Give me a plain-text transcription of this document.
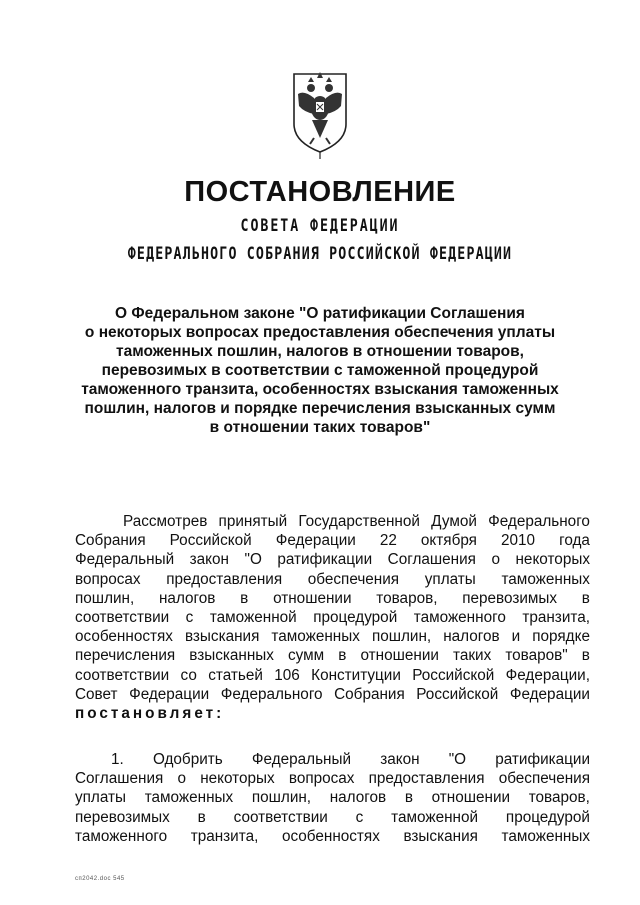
ПОСТАНОВЛЕНИЕ
СОВЕТА ФЕДЕРАЦИИ
ФЕДЕРАЛЬНОГО СОБРАНИЯ РОССИЙСКОЙ ФЕДЕРАЦИИ
О Федеральном законе "О ратификации Соглашения
о некоторых вопросах предоставления обеспечения уплаты
таможенных пошлин, налогов в отношении товаров,
перевозимых в соответствии с таможенной процедурой
таможенного транзита, особенностях взыскания таможенных
пошлин, налогов и порядке перечисления взысканных сумм
в отношении таких товаров"
Рассмотрев принятый Государственной Думой Федерального
Собрания Российской Федерации 22 октября 2010 года
Федеральный закон "О ратификации Соглашения о некоторых
вопросах предоставления обеспечения уплаты таможенных
пошлин, налогов в отношении товаров, перевозимых в
соответствии с таможенной процедурой таможенного транзита,
особенностях взыскания таможенных пошлин, налогов и порядке
перечисления взысканных сумм в отношении таких товаров" в
соответствии со статьей 106 Конституции Российской Федерации,
Совет Федерации Федерального Собрания Российской Федерации
постановляет:
1. Одобрить Федеральный закон "О ратификации
Соглашения о некоторых вопросах предоставления обеспечения
уплаты таможенных пошлин, налогов в отношении товаров,
перевозимых в соответствии с таможенной процедурой
таможенного транзита, особенностях взыскания таможенных
сп2042.doc 545
